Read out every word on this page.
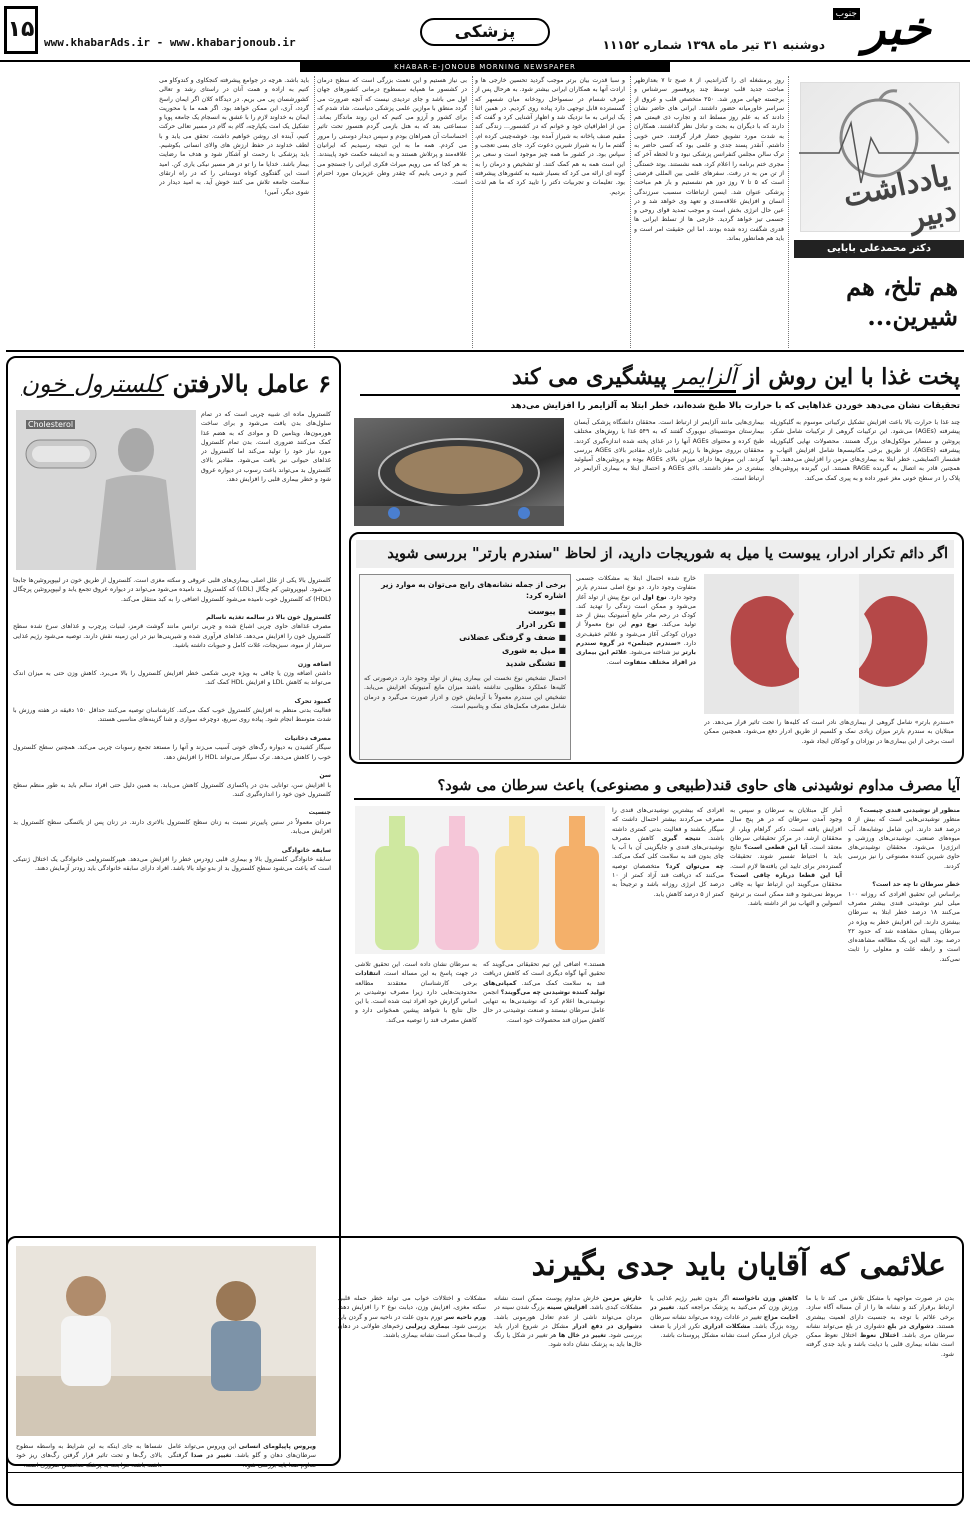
خبر
جنوب
دوشنبه ۳۱ تیر ماه ۱۳۹۸ شماره ۱۱۱۵۲
پزشکی
۱۵
www.khabarAds.ir - www.khabarjonoub.ir
KHABAR-E-JONOUB MORNING NEWSPAPER
یادداشت دبیر
دکتر محمدعلی بابایی
هم تلخ، هم شیرین...
روز پرمشغله ای را گذراندیم، از ۸ صبح تا ۷ بعدازظهر مباحث جدید قلب توسط چند پروفسور سرشناس و برجسته جهانی مرور شد. ۲۵۰ متخصص قلب و عروق از سراسر خاورمیانه حضور داشتند. ایرانی های حاضر نشان دادند که به علم روز مسلط اند و تجارب ذی قیمتی هم دارند که با دیگران به بحث و تبادل نظر گذاشتند. همکاران به شدت مورد تشویق حضار قرار گرفتند. حس خوبی داشتم. آنقدر پسند جدی و علمی بود که کسی حاضر به ترک سالن مجلس کنفرانس پزشکی نبود و تا لحظه آخر که مجری ختم برنامه را اعلام کرد، همه نشستند. بوتد خستگی از تن من به در رفت. سفرهای علمی بین المللی فرصتی است که ۵ تا ۷ روز دور هم نشستیم و بار هم مباحث پزشکی عنوان شد. ایسن ارتباطات سسبب سرزندگی انسان و افزایش علاقه‌مندی و تعهد وی خواهد شد و در عین حال انرژی بخش است و موجب تمدید قوای روحی و جسمی تیز خواهد گردید. خارجی ها از تسلط ایرانی ها قدری شگفت زده شده بودند. اما این حقیقت امر است و باید هم همانطور بماند.
و سبا قدرت بیان برتر موجب گردید تحسین خارجی ها و ارادت آنها به همکاران ایرانی بیشتر شود. به هرحال پس از صرف شسام در سسواحل رودخانه میان شسهر که گسسترده قابل توجهی دارد پیاده روی کردیم. در همین اثنا یک ایرانی به ما نزدیک شد و اظهار آشنایی کرد و گفت که من از اطرافیان خود و خوانم که در کشسور... زندگی کند مقیم صنف پاخانه به شیراز آمده بود. خوشه‌چینی کرده ام، گفتم ما را به شیراز شیرین دعوت کرد. جای بسی تعجب و سپاس بود. در کشور ما همه چیز موجود است و سعی بر این است همه به هم کمک کنند. او تشخیص و درمان را به گونه ای ارائه می کرد که بسیار شبیه به کشورهای پیشرفته بود. تعلیمات و تجربیات دکتر را تایید کرد که ما هم لذت بردیم.
بی نیاز هستیم و این نعمت بزرگی است که سطح درمان در کشسور ما همپایه سسطوح درمانی کشورهای جهان اول می باشد و جای تردیدی نیست که آنچه ضرورت می گردد منطق با موازین علمی پزشکی دنیاست. شاد شدم که برای کشور و آرزو می کنیم که این روند ماندگار بماند. سساعتی بعد که به هتل بازمی گردم هتسوز تحت تاثیر احساسات آن همراهان بودم و سپس دیدار دوستی را مرور می کردم. همه ما به این نتیجه رسیدیم که ایرانیان علاقه‌مند و پرتلاش هستند و به اندیشه حکمت خود پایبندند. به هر کجا که می رویم میراث فکری ایرانی را جستجو می کنیم و درمی یابیم که چقدر وطن عزیزمان مورد احترام است.
باید باشد. هرچه در جوامع پیشرفته کنجکاوی و کندوکاو می کنیم به اراده و همت آنان در راستای رشد و تعالی کشورشسان پی می بریم. در دیدگاه کلان اگر ایمان راسخ گردد، آری، این ممکن خواهد بود. اگر همه ما با محوریت ایمان به خداوند لازم را با عشق به انسجام یک جامعه پویا و تشکیل یک امت یکپارچه، گام به گام در مسیر تعالی حرکت کنیم، آینده ای روشن خواهیم داشت. تحقق می یابد و با لطف خداوند در حفظ ارزش های والای انسانی بکوشیم. باید پزشکی با رحمت او آشکار شود و هدف ما رضایت بیمار باشد. خدایا ما را تو در هر مسیر نیکی یاری کن. امید است این گفتگوی کوتاه دوستانی را که در راه ارتقای سلامت جامعه تلاش می کنند خوش آید. به امید دیدار در شوی دیگر، آمین!
پخت غذا با این روش از آلزایمر پیشگیری می کند
تحقیقات نشان می‌دهد خوردن غذاهایی که با حرارت بالا طبخ شده‌اند، خطر ابتلا به آلزایمر را افزایش می‌دهد
چند غذا با حرارت بالا باعث افزایش تشکیل ترکیباتی موسوم به گلیکوزیله پیشرفته (AGEs) می‌شود. این ترکیبات گروهی از ترکیبات شامل شکر، پروتئین و سسایر مولکول‌های بزرگ هستند. محصولات نهایی گلیکوزیله پیشرفته (AGEs)، از طریق برخی مکانیسم‌ها شامل افزایش التهاب و فشسار اکسایشی، خطر ابتلا به بیماری‌های مزمن را افزایش می‌دهند. آنها همچنین قادر به اتصال به گیرنده RAGE هستند. این گیرنده پروتئین‌های پلاک را در سطح خونی مغز عبور داده و به پیری کمک می‌کند.
بیماری‌هایی مانند آلزایمر از ارتباط است. محققان دانشگاه پزشکی آیسان بیمارستان مونتسینای نیویورک گفتند که به ۵۴۹ غذا با روش‌های مختلف طبخ کرده و محتوای AGEs آنها را در غذای پخته شده اندازه‌گیری کردند. محققان برروی موش‌ها با رژیم غذایی دارای مقادیر بالای AGEs بررسی کردند. این موش‌ها دارای میزان بالای AGEs بوده و پروتئین‌های آمیلوئید بیشتری در مغز داشتند. بالای AGEs و احتمال ابتلا به بیماری آلزایمر در ارتباط است.
۶ عامل بالارفتن کلسترول خون
Cholesterol
کلسترول ماده ای شبیه چربی است که در تمام سلول‌های بدن یافت می‌شود و برای ساخت هورمون‌ها، ویتامین D و موادی که به هضم غذا کمک می‌کنند ضروری است. بدن تمام کلسترول مورد نیاز خود را تولید می‌کند اما کلسترول در غذاهای حیوانی نیز یافت می‌شود. مقادیر بالای کلسترول بد می‌تواند باعث رسوب در دیواره عروق شود و خطر بیماری قلبی را افزایش دهد.
کلسترول بالا یکی از علل اصلی بیماری‌های قلبی عروقی و سکته مغزی است. کلسترول از طریق خون در لیپوپروتئین‌ها جابجا می‌شود. لیپوپروتئین کم چگال (LDL) که کلسترول بد نامیده می‌شود می‌تواند در دیواره عروق تجمع یابد و لیپوپروتئین پرچگال (HDL) که کلسترول خوب نامیده می‌شود کلسترول اضافی را به کبد منتقل می‌کند.

کلسترول خون بالا در سالمه تغذیه ناسالم
مصرف غذاهای حاوی چربی اشباع شده و چربی ترانس مانند گوشت قرمز، لبنیات پرچرب و غذاهای سرخ شده سطح کلسترول خون را افزایش می‌دهد. غذاهای فرآوری شده و شیرینی‌ها نیز در این زمینه نقش دارند. توصیه می‌شود رژیم غذایی سرشار از میوه، سبزیجات، غلات کامل و حبوبات داشته باشید.

اضافه وزن
داشتن اضافه وزن یا چاقی به ویژه چربی شکمی خطر افزایش کلسترول را بالا می‌برد. کاهش وزن حتی به میزان اندک می‌تواند به کاهش LDL و افزایش HDL کمک کند.

کمبود تحرک
فعالیت بدنی منظم به افزایش کلسترول خوب کمک می‌کند. کارشناسان توصیه می‌کنند حداقل ۱۵۰ دقیقه در هفته ورزش با شدت متوسط انجام شود. پیاده روی سریع، دوچرخه سواری و شنا گزینه‌های مناسبی هستند.

مصرف دخانیات
سیگار کشیدن به دیواره رگ‌های خونی آسیب می‌زند و آنها را مستعد تجمع رسوبات چربی می‌کند. همچنین سطح کلسترول خوب را کاهش می‌دهد. ترک سیگار می‌تواند HDL را افزایش دهد.

سن
با افزایش سن، توانایی بدن در پاکسازی کلسترول کاهش می‌یابد. به همین دلیل حتی افراد سالم باید به طور منظم سطح کلسترول خون خود را اندازه‌گیری کنند.

جنسیت
مردان معمولاً در سنین پایین‌تر نسبت به زنان سطح کلسترول بالاتری دارند. در زنان پس از یائسگی سطح کلسترول بد افزایش می‌یابد.

سابقه خانوادگی
سابقه خانوادگی کلسترول بالا و بیماری قلبی زودرس خطر را افزایش می‌دهد. هیپرکلسترولمی خانوادگی یک اختلال ژنتیکی است که باعث می‌شود سطح کلسترول بد از بدو تولد بالا باشد. افراد دارای سابقه خانوادگی باید زودتر آزمایش دهند.
اگر دائم تکرار ادرار، یبوست یا میل به شوریجات دارید، از لحاظ "سندرم بارتر" بررسی شوید
«سندرم بارتر» شامل گروهی از بیماری‌های نادر است که کلیه‌ها را تحت تاثیر قرار می‌دهد. در مبتلایان به سندرم بارتر میزان زیادی نمک و کلسیم از طریق ادرار دفع می‌شود. همچنین ممکن است برخی از این بیماری‌ها در نوزادان و کودکان ایجاد شود.
خارج شده احتمال ابتلا به مشکلات جسمی متفاوت وجود دارد. دو نوع اصلی سندرم بارتر وجود دارد. نوع اول این نوع پیش از تولد آغاز می‌شود و ممکن است زندگی را تهدید کند. کودک در رحم مادر مایع آمنیوتیک بیش از حد تولید می‌کند. نوع دوم این نوع معمولاً از دوران کودکی آغاز می‌شود و علائم خفیف‌تری دارد. «سندرم جیتلمن» در گروه سندرم بارتر نیز شناخته می‌شود. علائم این بیماری در افراد مختلف متفاوت است.
برخی از جمله نشانه‌های رایج می‌توان به موارد زیر اشاره کرد:
■ یبوست
■ تکرر ادرار
■ ضعف و گرفتگی عضلانی
■ میل به شوری
■ تشنگی شدید
احتمال تشخیص نوع نخست این بیماری پیش از تولد وجود دارد. درصورتی که کلیه‌ها عملکرد مطلوبی نداشته باشند میزان مایع آمنیوتیک افزایش می‌یابد. تشخیص این سندرم معمولاً با آزمایش خون و ادرار صورت می‌گیرد و درمان شامل مصرف مکمل‌های نمک و پتاسیم است.
آیا مصرف مداوم نوشیدنی های حاوی قند(طبیعی و مصنوعی) باعث سرطان می شود؟
منظور از نوشیدنی قندی چیست؟
منظور نوشیدنی‌هایی است که بیش از ۵ درصد قند دارند. این شامل نوشابه‌ها، آب میوه‌های صنعتی، نوشیدنی‌های ورزشی و انرژی‌زا می‌شود. محققان نوشیدنی‌های حاوی شیرین کننده مصنوعی را نیز بررسی کردند.

خطر سرطان تا چه حد است؟
براساس این تحقیق افرادی که روزانه ۱۰۰ میلی لیتر نوشیدنی قندی بیشتر مصرف می‌کنند ۱۸ درصد خطر ابتلا به سرطان بیشتری دارند. این افزایش خطر به ویژه در سرطان پستان مشاهده شد که حدود ۲۲ درصد بود. البته این یک مطالعه مشاهده‌ای است و رابطه علت و معلولی را ثابت نمی‌کند.
آمار کل مبتلایان به سرطان و سپس به وجود آمدن سرطان که در هر پنج سال افزایش یافته است. دکتر گراهام ویلر، از محققان ارشد، در مرکز تحقیقاتی سرطان معتقد است. آیا این قطعی است؟ نتایج باید با احتیاط تفسیر شوند. تحقیقات گسترده‌تر برای تایید این یافته‌ها لازم است. آیا این قطعا درباره چاقی است؟ محققان می‌گویند این ارتباط تنها به چاقی مربوط نمی‌شود و قند ممکن است بر ترشح انسولین و التهاب نیز اثر داشته باشد.
افرادی که بیشترین نوشیدنی‌های قندی را مصرف می‌کردند بیشتر احتمال داشت که سیگار بکشند و فعالیت بدنی کمتری داشته باشند. نتیجه گیری کاهش مصرف نوشیدنی‌های قندی و جایگزینی آن با آب یا چای بدون قند به سلامت کلی کمک می‌کند. چه می‌توان کرد؟ متخصصان توصیه می‌کنند که دریافت قند آزاد کمتر از ۱۰ درصد کل انرژی روزانه باشد و ترجیحاً به کمتر از ۵ درصد کاهش یابد.
هستند.» اضافی این تیم تحقیقاتی می‌گویند که تحقیق آنها گواه دیگری است که کاهش دریافت قند به سلامت کمک می‌کند. کمپانی‌های تولید کننده نوشیدنی چه می‌گویند؟ انجمن نوشیدنی‌ها اعلام کرد که نوشیدنی‌ها به تنهایی عامل سرطان نیستند و صنعت نوشیدنی در حال کاهش میزان قند محصولات خود است.
به سرطان نشان داده است. این تحقیق تلاشی در جهت پاسخ به این مساله است. انتقادات برخی کارشناسان معتقدند مطالعه محدودیت‌هایی دارد زیرا مصرف نوشیدنی بر اساس گزارش خود افراد ثبت شده است. با این حال نتایج با شواهد پیشین همخوانی دارد و کاهش مصرف قند را توصیه می‌کند.
علائمی که آقایان باید جدی بگیرند
بدن در صورت مواجهه با مشکل تلاش می کند تا با ما ارتباط برقرار کند و نشانه ها را از آن مساله آگاه سازد. برخی علائم با توجه به جنسیت دارای اهمیت بیشتری هستند. دشواری در بلع دشواری در بلع می‌تواند نشانه سرطان مری باشد. اختلال نعوظ اختلال نعوظ ممکن است نشانه بیماری قلبی یا دیابت باشد و باید جدی گرفته شود.
کاهش وزن ناخواسته اگر بدون تغییر رژیم غذایی یا ورزش وزن کم می‌کنید به پزشک مراجعه کنید. تغییر در احابت مزاج تغییر در عادات روده می‌تواند نشانه سرطان روده بزرگ باشد. مشکلات ادراری تکرر ادرار یا ضعف جریان ادرار ممکن است نشانه مشکل پروستات باشد.
خارش مزمن خارش مداوم پوست ممکن است نشانه مشکلات کبدی باشد. افزایش سینه بزرگ شدن سینه در مردان می‌تواند ناشی از عدم تعادل هورمونی باشد. دشواری در دفع ادرار مشکل در شروع ادرار باید بررسی شود. تغییر در خال ها هر تغییر در شکل یا رنگ خال‌ها باید به پزشک نشان داده شود.
مشکلات و اختلالات خواب می تواند خطر حمله قلبی سکته مغزی، افزایش وزن، دیابت نوع ۲ را افزایش دهد. ورم ناحیه سر تورم بدون علت در ناحیه سر و گردن باید بررسی شود. بیماری زیرلبی زخم‌های طولانی در دهان و لب‌ها ممکن است نشانه بیماری باشند.
ویروس پاپیلومای انسانی این ویروس می‌تواند عامل سرطان‌های دهان و گلو باشد. تغییر در صدا گرفتگی مداوم صدا باید بررسی شود.
شساها به جای اینکه به این شرایط به واسطه سطوح بالای رگ‌ها و تحت تاثیر قرار گرفتن رگ‌های ریز خود داشته باشد، مراجعه به پزشک متخصص ضروری است.
